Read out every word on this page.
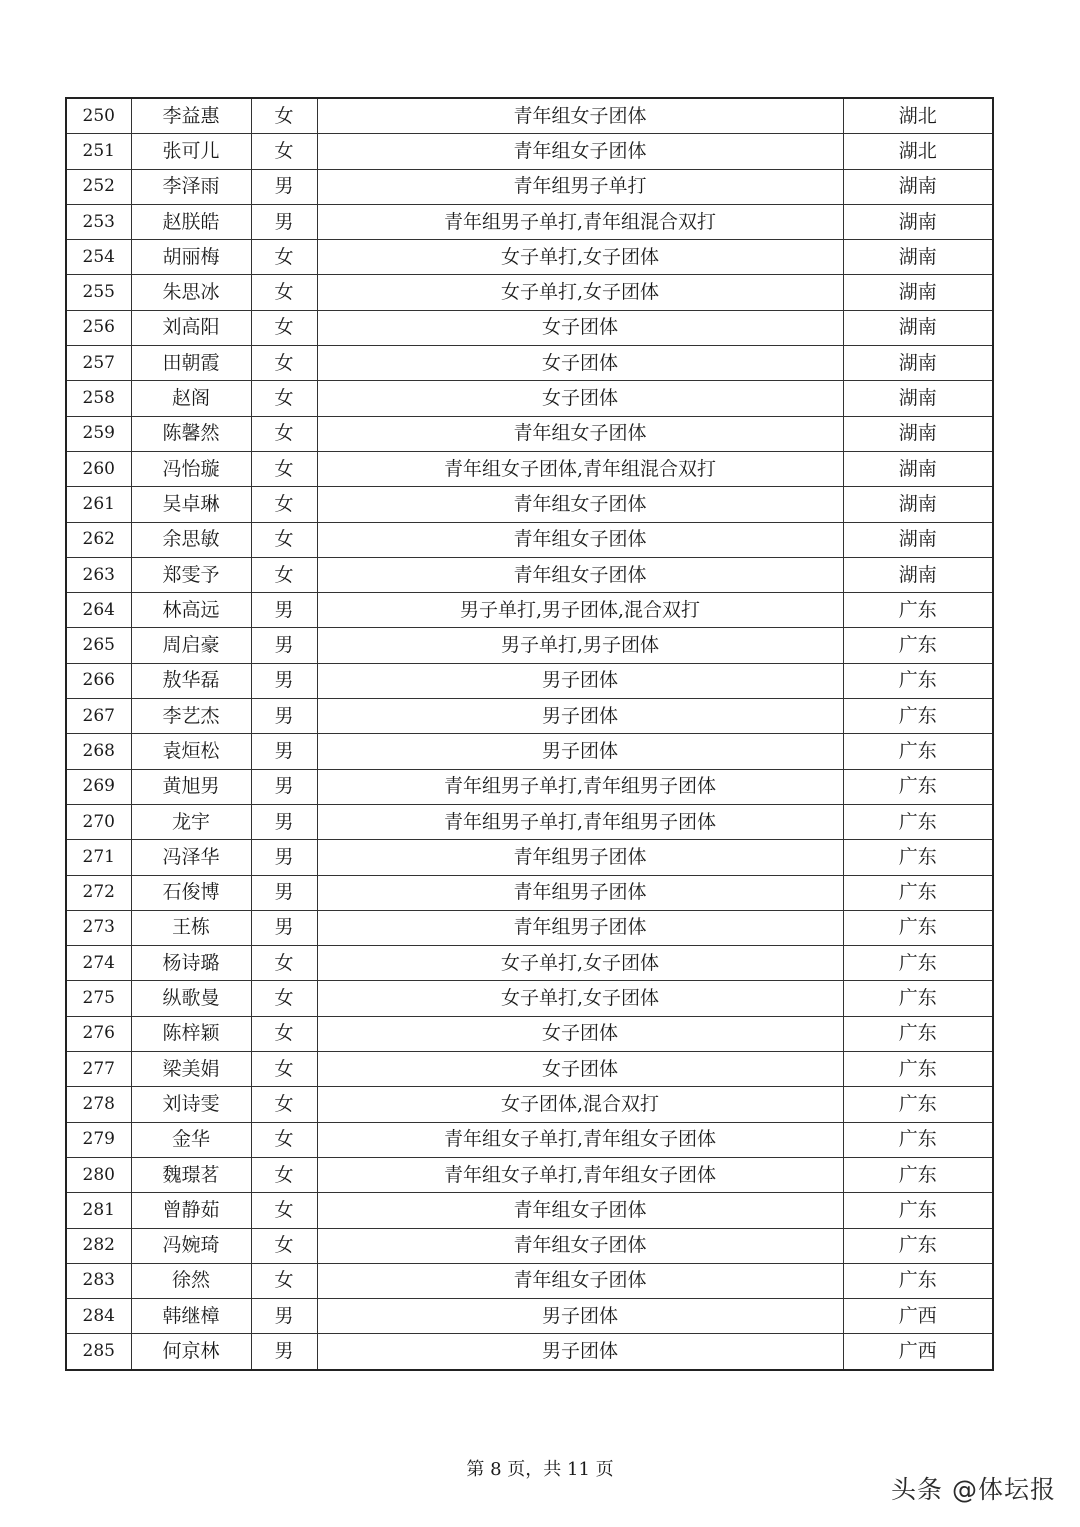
250	李益惠	女	青年组女子团体	湖北
251	张可儿	女	青年组女子团体	湖北
252	李泽雨	男	青年组男子单打	湖南
253	赵朕皓	男	青年组男子单打,青年组混合双打	湖南
254	胡丽梅	女	女子单打,女子团体	湖南
255	朱思冰	女	女子单打,女子团体	湖南
256	刘高阳	女	女子团体	湖南
257	田朝霞	女	女子团体	湖南
258	赵阁	女	女子团体	湖南
259	陈馨然	女	青年组女子团体	湖南
260	冯怡璇	女	青年组女子团体,青年组混合双打	湖南
261	吴卓琳	女	青年组女子团体	湖南
262	余思敏	女	青年组女子团体	湖南
263	郑雯予	女	青年组女子团体	湖南
264	林高远	男	男子单打,男子团体,混合双打	广东
265	周启豪	男	男子单打,男子团体	广东
266	敖华磊	男	男子团体	广东
267	李艺杰	男	男子团体	广东
268	袁烜松	男	男子团体	广东
269	黄旭男	男	青年组男子单打,青年组男子团体	广东
270	龙宇	男	青年组男子单打,青年组男子团体	广东
271	冯泽华	男	青年组男子团体	广东
272	石俊博	男	青年组男子团体	广东
273	王栋	男	青年组男子团体	广东
274	杨诗璐	女	女子单打,女子团体	广东
275	纵歌曼	女	女子单打,女子团体	广东
276	陈梓颖	女	女子团体	广东
277	梁美娟	女	女子团体	广东
278	刘诗雯	女	女子团体,混合双打	广东
279	金华	女	青年组女子单打,青年组女子团体	广东
280	魏璟茗	女	青年组女子单打,青年组女子团体	广东
281	曾静茹	女	青年组女子团体	广东
282	冯婉琦	女	青年组女子团体	广东
283	徐然	女	青年组女子团体	广东
284	韩继樟	男	男子团体	广西
285	何京林	男	男子团体	广西
第 8 页，共 11 页
头条 @体坛报
